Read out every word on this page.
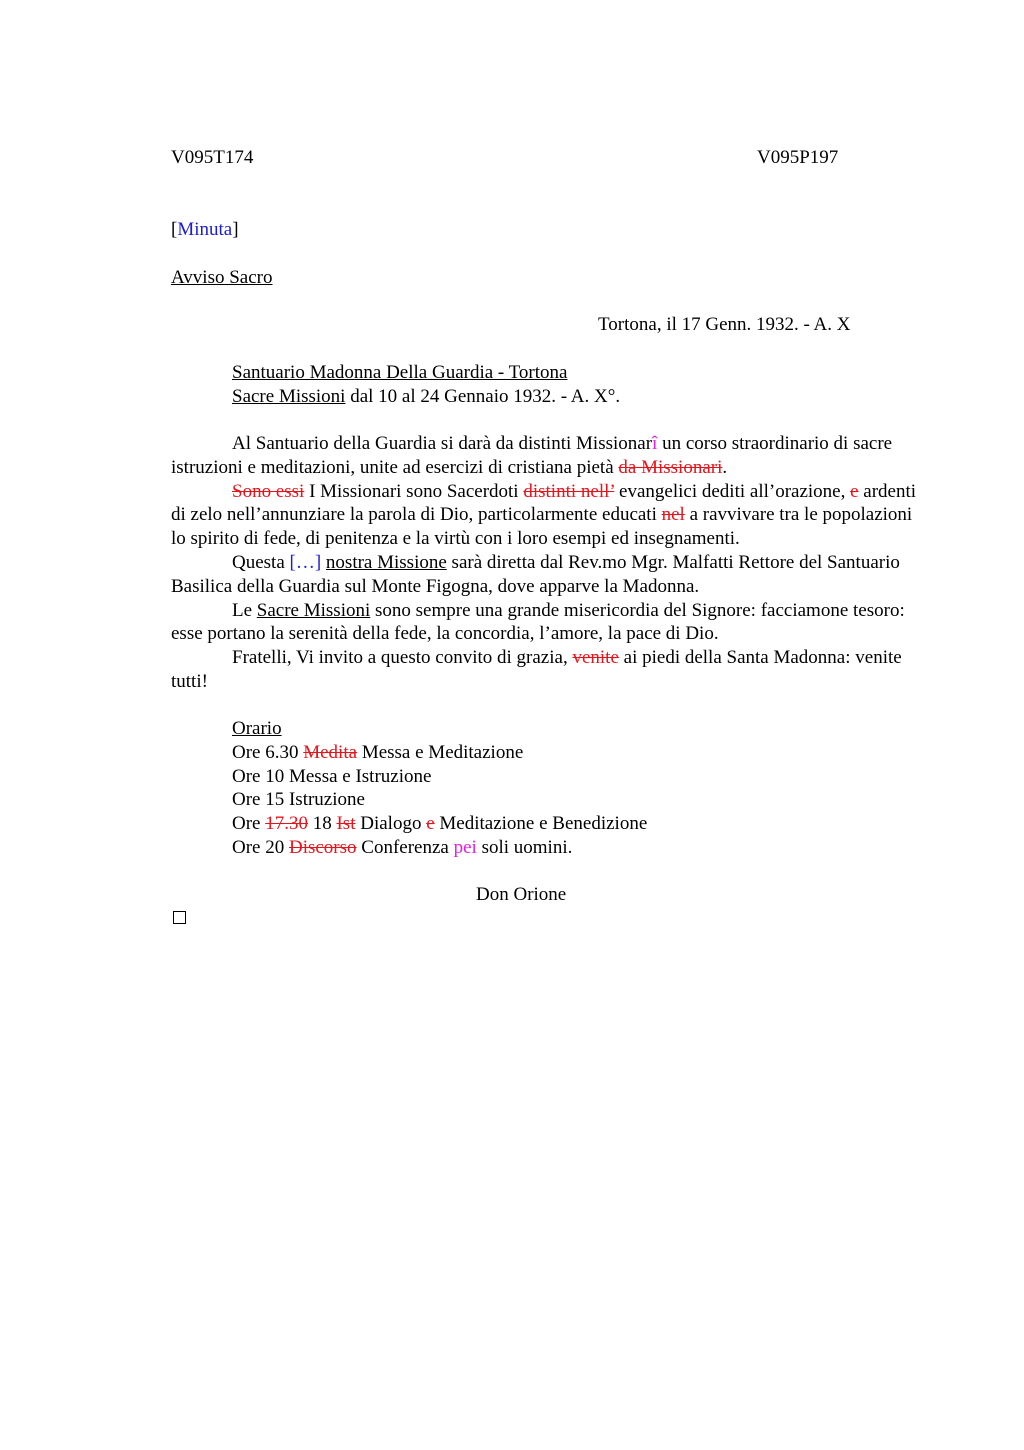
V095T174	V095P197
[Minuta]
Avviso Sacro
Tortona, il 17 Genn. 1932. - A. X
Santuario Madonna Della Guardia - Tortona
Sacre Missioni dal 10 al 24 Gennaio 1932. - A. X°.

Al Santuario della Guardia si darà da distinti Missionarî un corso straordinario di sacre istruzioni e meditazioni, unite ad esercizi di cristiana pietà da Missionari.

Sono essi I Missionari sono Sacerdoti distinti nell’ evangelici dediti all’orazione, e ardenti di zelo nell’annunziare la parola di Dio, particolarmente educati nel a ravvivare tra le popolazioni lo spirito di fede, di penitenza e la virtù con i loro esempi ed insegnamenti.

Questa […] nostra Missione sarà diretta dal Rev.mo Mgr. Malfatti Rettore del Santuario Basilica della Guardia sul Monte Figogna, dove apparve la Madonna.

Le Sacre Missioni sono sempre una grande misericordia del Signore: facciamone tesoro: esse portano la serenità della fede, la concordia, l’amore, la pace di Dio.

Fratelli, Vi invito a questo convito di grazia, venite ai piedi della Santa Madonna: venite tutti!

Orario
Ore 6.30 Medita Messa e Meditazione
Ore 10 Messa e Istruzione
Ore 15 Istruzione
Ore 17.30 18 Ist Dialogo e Meditazione e Benedizione
Ore 20 Discorso Conferenza pei soli uomini.
Don Orione
